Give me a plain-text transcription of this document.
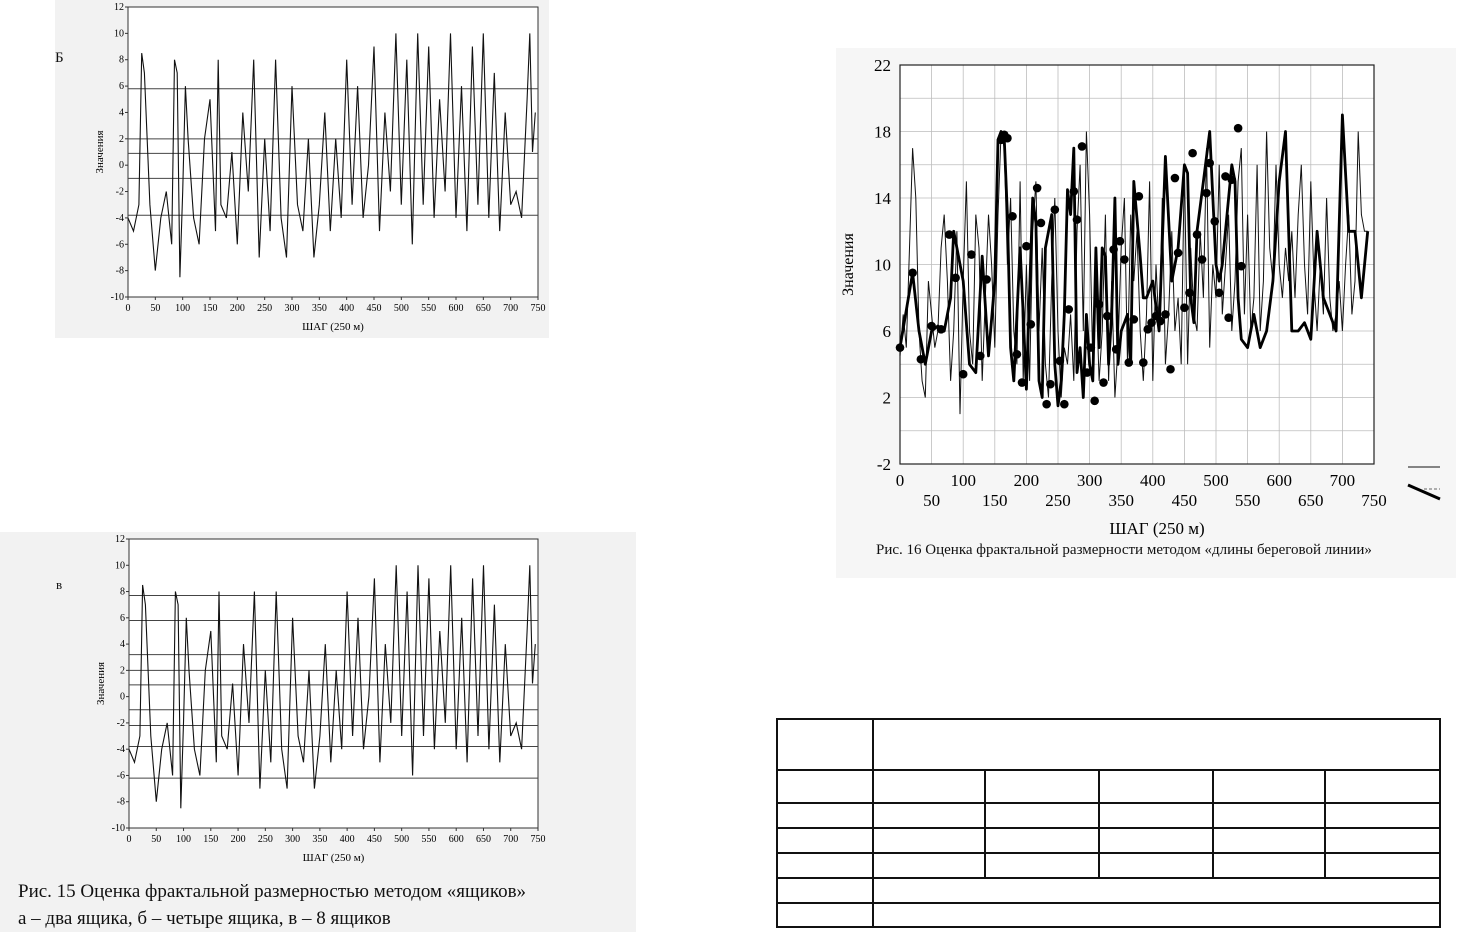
12
10
8
6
4
2
0
-2
-4
-6
-8
-10
0 50 100 150 200 250 300 350 400 450 500 550 600 650 700 750
ШАГ (250 м)
Значения
Б
12
10
8
6
4
2
0
-2
-4
-6
-8
-10
0 50 100 150 200 250 300 350 400 450 500 550 600 650 700 750
ШАГ (250 м)
Значения
в
Рис. 15 Оценка фрактальной размерностью методом «ящиков»
а – два ящика, б – четыре ящика, в – 8 ящиков
22
18
14
10
6
2
-2
0	100 200 300 400 500 600 700
50 150 250 350 450 550 650 750
ШАГ (250 м)
Значения
Рис. 16 Оценка фрактальной размерности методом «длины береговой линии»
